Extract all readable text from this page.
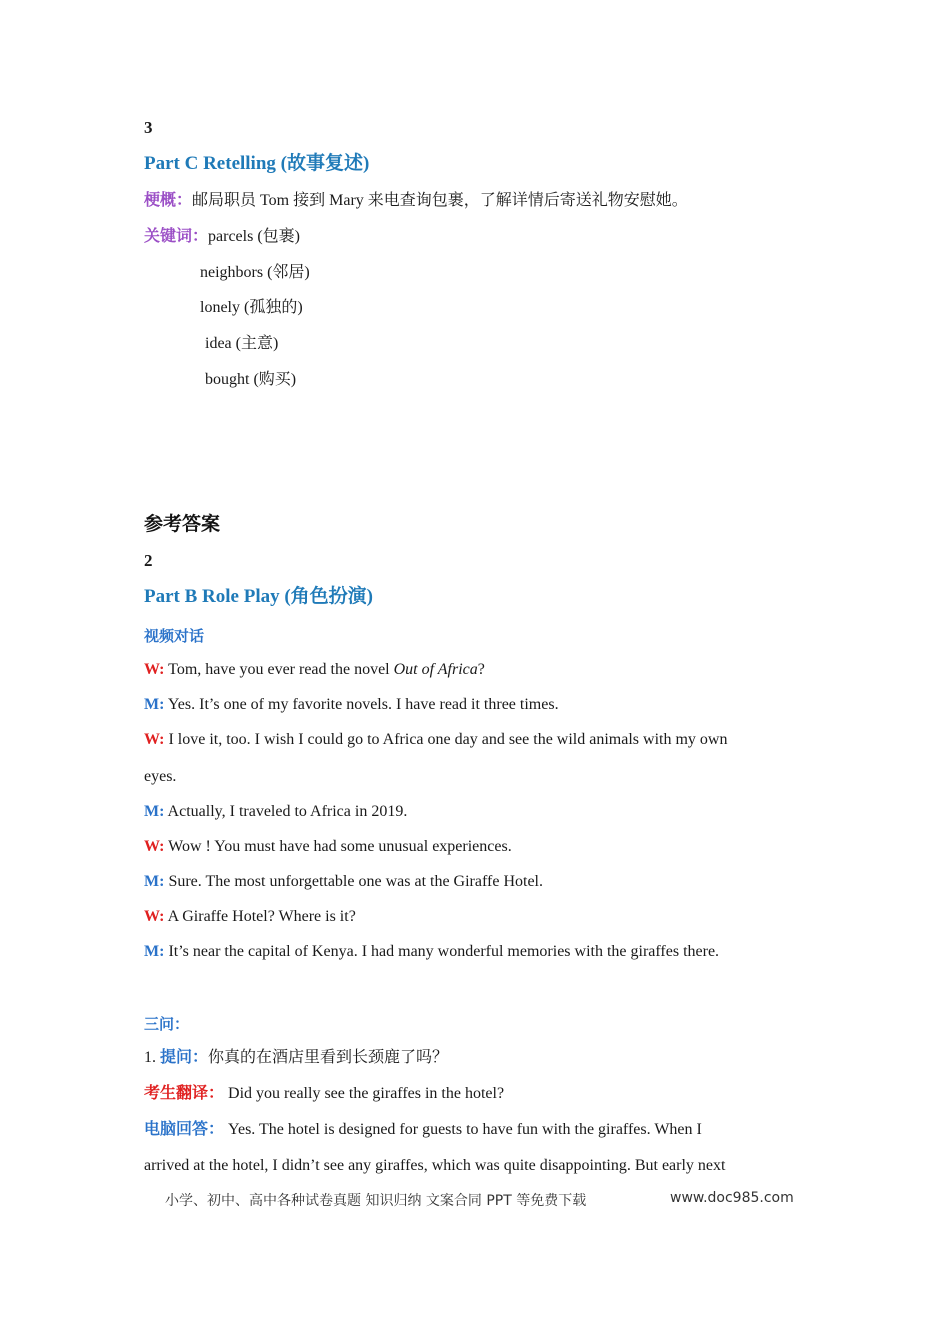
3
Part C Retelling (故事复述)
梗概：邮局职员 Tom 接到 Mary 来电查询包裹，了解详情后寄送礼物安慰她。
关键词：parcels (包裹)
neighbors (邻居)
lonely (孤独的)
idea (主意)
bought (购买)
参考答案
2
Part B Role Play (角色扮演)
视频对话
W: Tom, have you ever read the novel Out of Africa?
M: Yes. It’s one of my favorite novels. I have read it three times.
W: I love it, too. I wish I could go to Africa one day and see the wild animals with my own
eyes.
M: Actually, I traveled to Africa in 2019.
W: Wow ! You must have had some unusual experiences.
M: Sure. The most unforgettable one was at the Giraffe Hotel.
W: A Giraffe Hotel? Where is it?
M: It’s near the capital of Kenya. I had many wonderful memories with the giraffes there.
三问：
1. 提问：你真的在酒店里看到长颈鹿了吗？
考生翻译： Did you really see the giraffes in the hotel?
电脑回答： Yes. The hotel is designed for guests to have fun with the giraffes. When I
arrived at the hotel, I didn’t see any giraffes, which was quite disappointing. But early next
小学、初中、高中各种试卷真题 知识归纳 文案合同 PPT 等免费下载	www.doc985.com
